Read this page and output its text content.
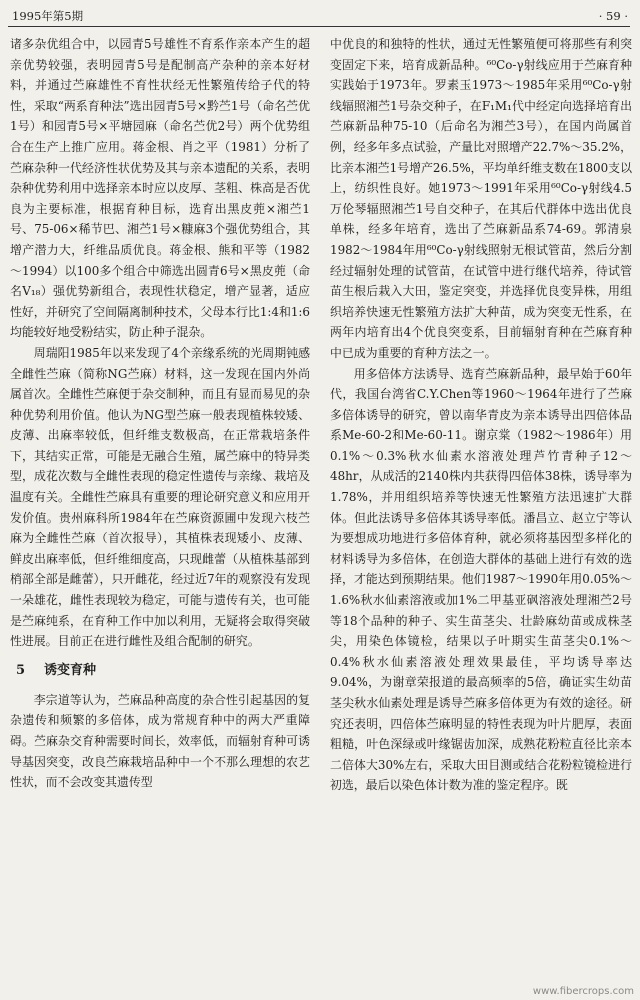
1995年第5期	· 59 ·

诸多杂优组合中，以园青5号雄性不育系作亲本产生的超亲优势较强，表明园青5号是配制高产杂种的亲本好材料，并通过苎麻雄性不育性状经无性繁殖传给子代的特性，采取“两系育种法”选出园青5号×黔苎1号（命名苎优1号）和园青5号×平塘园麻（命名苎优2号）两个优势组合在生产上推广应用。蒋金根、肖之平（1981）分析了苎麻杂种一代经济性状优势及其与亲本遗配的关系，表明杂种优势利用中选择亲本时应以皮厚、茎粗、株高是否优良为主要标准，根据育种目标，选育出黑皮蔸×湘苎1号、75-06×稀节巴、湘苎1号×糠麻3个强优势组合，其增产潜力大，纤维品质优良。蒋金根、熊和平等（1982～1994）以100多个组合中筛选出圆青6号×黑皮蔸（命名V₁₈）强优势新组合，表现性状稳定，增产显著，适应性好，并研究了空间隔离制种技术，父母本行比1:4和1:6均能较好地受粉结实，防止种子混杂。

周瑞阳1985年以来发现了4个亲缘系统的光周期钝感全雌性苎麻（简称NG苎麻）材料，这一发现在国内外尚属首次。全雌性苎麻便于杂交制种，而且有显而易见的杂种优势利用价值。他认为NG型苎麻一般表现植株较矮、皮薄、出麻率较低，但纤维支数极高，在正常栽培条件下，其结实正常，可能是无融合生殖，属苎麻中的特异类型，成花次数与全雌性表现的稳定性遗传与亲缘、栽培及温度有关。全雌性苎麻具有重要的理论研究意义和应用开发价值。贵州麻科所1984年在苎麻资源圃中发现六枝苎麻为全雌性苎麻（首次报导），其植株表现矮小、皮薄、鲜皮出麻率低，但纤维细度高，只现雌蕾（从植株基部到梢部全部是雌蕾），只开雌花，经过近7年的观察没有发现一朵雄花，雌性表现较为稳定，可能与遗传有关，也可能是苎麻纯系，在育种工作中加以利用，无疑将会取得突破性进展。目前正在进行雌性及组合配制的研究。

5 诱变育种

李宗道等认为，苎麻品种高度的杂合性引起基因的复杂遗传和频繁的多倍体，成为常规育种中的两大严重障碍。苎麻杂交育种需要时间长，效率低，而辐射育种可诱导基因突变，改良苎麻栽培品种中一个不那么理想的农艺性状，而不会改变其遗传型

中优良的和独特的性状，通过无性繁殖便可将那些有利突变固定下来，培育成新品种。⁶⁰Co-γ射线应用于苎麻育种实践始于1973年。罗素玉1973～1985年采用⁶⁰Co-γ射线辐照湘苎1号杂交种子，在F₁M₁代中经定向选择培育出苎麻新品种75-10（后命名为湘苎3号），在国内尚属首例，经多年多点试验，产量比对照增产22.7%～35.2%，比亲本湘苎1号增产26.5%，平均单纤维支数在1800支以上，纺织性良好。她1973～1991年采用⁶⁰Co-γ射线4.5万伦琴辐照湘苎1号自交种子，在其后代群体中选出优良单株，经多年培育，选出了苎麻新品系74-69。郭清泉1982～1984年用⁶⁰Co-γ射线照射无根试管苗，然后分割经过辐射处理的试管苗，在试管中进行继代培养，待试管苗生根后栽入大田，鉴定突变，并选择优良变异株，用组织培养快速无性繁殖方法扩大种苗，成为突变无性系，在两年内培育出4个优良突变系，目前辐射育种在苎麻育种中已成为重要的育种方法之一。

用多倍体方法诱导、选育苎麻新品种，最早始于60年代，我国台湾省C.Y.Chen等1960～1964年进行了苎麻多倍体诱导的研究，曾以南华青皮为亲本诱导出四倍体品系Me-60-2和Me-60-11。谢京棠（1982～1986年）用0.1%～0.3%秋水仙素水溶液处理芦竹青种子12～48hr，从成活的2140株内共获得四倍体38株，诱导率为1.78%，并用组织培养等快速无性繁殖方法迅速扩大群体。但此法诱导多倍体其诱导率低。潘昌立、赵立宁等认为要想成功地进行多倍体育种，就必须将基因型多样化的材料诱导为多倍体，在创造大群体的基础上进行有效的选择，才能达到预期结果。他们1987～1990年用0.05%～1.6%秋水仙素溶液或加1%二甲基亚砜溶液处理湘苎2号等18个品种的种子、实生苗茎尖、壮龄麻幼苗或成株茎尖，用染色体镜检，结果以子叶期实生苗茎尖0.1%～0.4%秋水仙素溶液处理效果最佳，平均诱导率达9.04%，为谢章荣报道的最高频率的5倍，确证实生幼苗茎尖秋水仙素处理是诱导苎麻多倍体更为有效的途径。研究还表明，四倍体苎麻明显的特性表现为叶片肥厚，表面粗糙，叶色深绿或叶缘锯齿加深，成熟花粉粒直径比亲本二倍体大30%左右，采取大田目测或结合花粉粒镜检进行初选，最后以染色体计数为准的鉴定程序。既

www.fibercrops.com
